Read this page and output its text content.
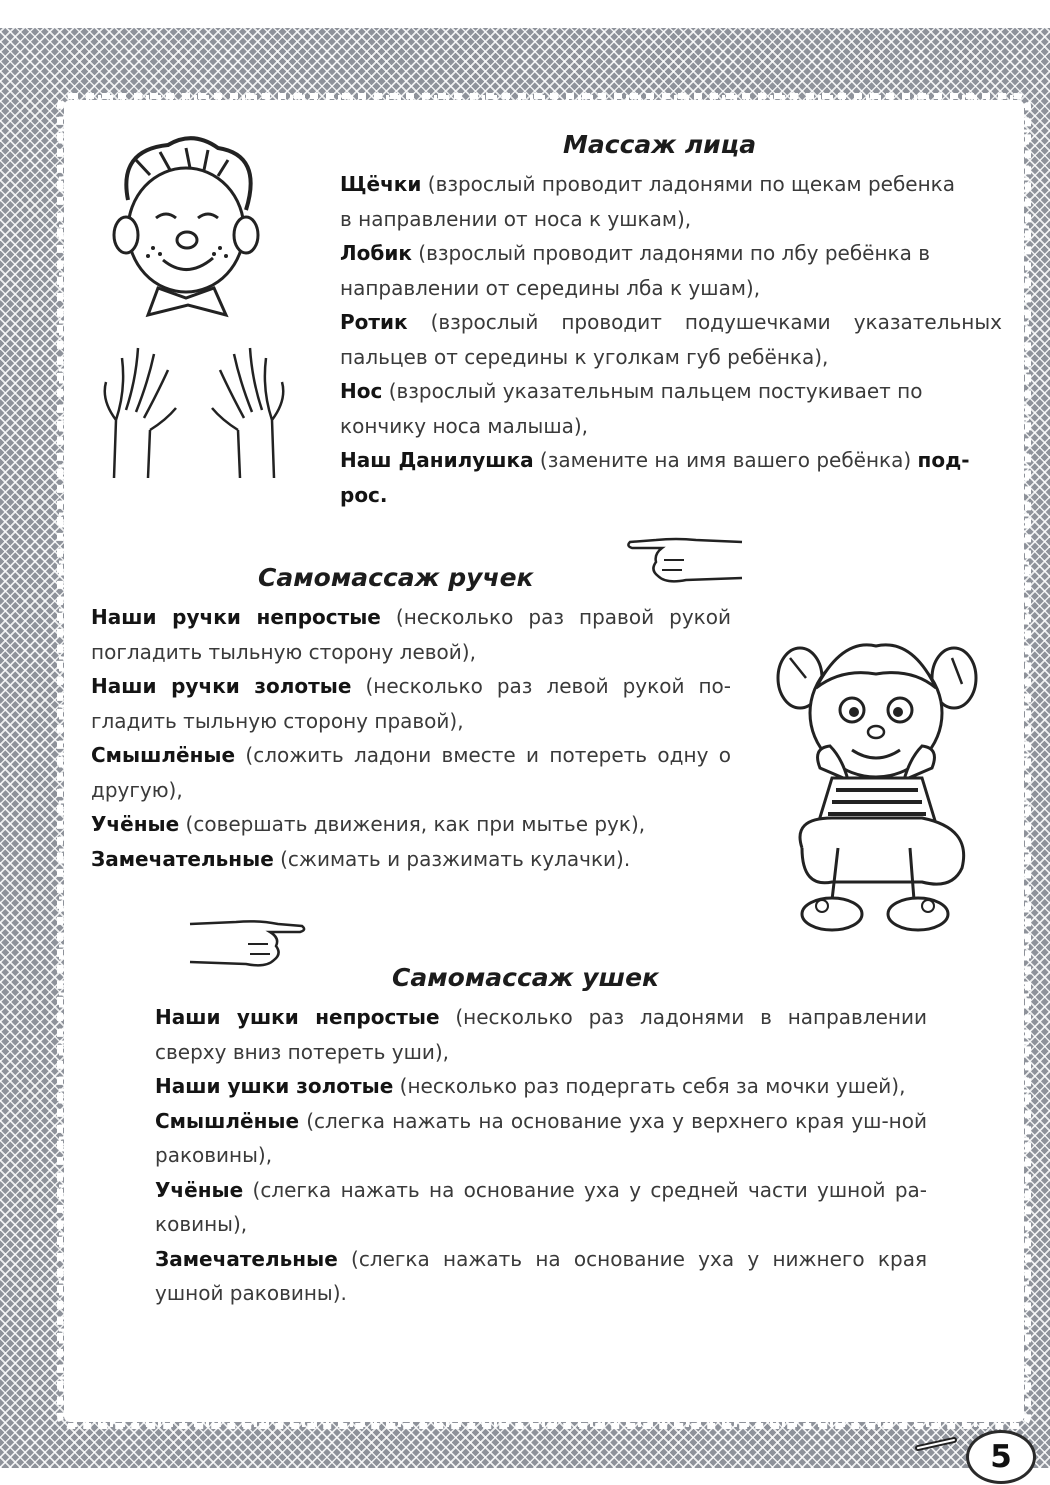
Массаж лица
Щёчки (взрослый проводит ладонями по щекам ребенка в направлении от носа к ушкам),
Лобик (взрослый проводит ладонями по лбу ребёнка в направлении от середины лба к ушам),
Ротик (взрослый проводит подушечками указательных пальцев от середины к уголкам губ ребёнка),
Нос (взрослый указательным пальцем постукивает по кончику носа малыша),
Наш Данилушка (замените на имя вашего ребёнка) под-рос.
Самомассаж ручек
Наши ручки непростые (несколько раз правой рукой погладить тыльную сторону левой),
Наши ручки золотые (несколько раз левой рукой по-гладить тыльную сторону правой),
Смышлёные (сложить ладони вместе и потереть одну о другую),
Учёные (совершать движения, как при мытье рук),
Замечательные (сжимать и разжимать кулачки).
Самомассаж ушек
Наши ушки непростые (несколько раз ладонями в направлении сверху вниз потереть уши),
Наши ушки золотые (несколько раз подергать себя за мочки ушей),
Смышлёные (слегка нажать на основание уха у верхнего края уш-ной раковины),
Учёные (слегка нажать на основание уха у средней части ушной ра-ковины),
Замечательные (слегка нажать на основание уха у нижнего края ушной раковины).
5
